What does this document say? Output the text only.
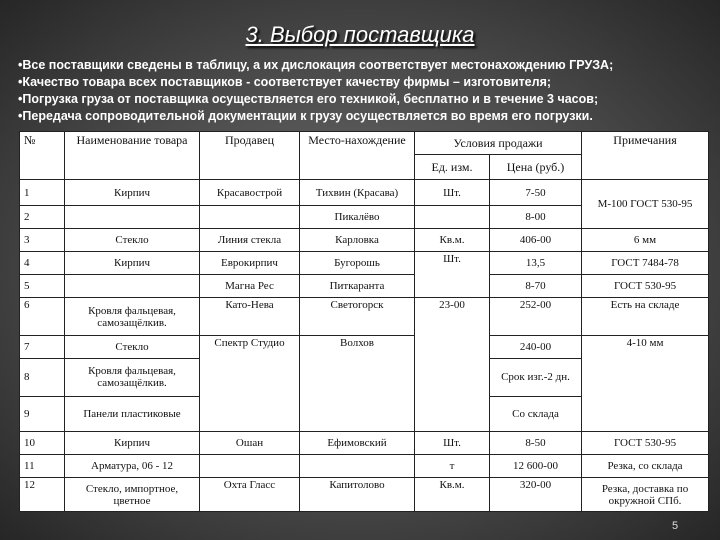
3. Выбор поставщика
• Все поставщики сведены в таблицу, а их дислокация соответствует местонахождению ГРУЗА;
• Качество товара всех поставщиков - соответствует качеству фирмы – изготовителя;
• Погрузка груза от поставщика осуществляется его техникой, бесплатно и в течение 3 часов;
• Передача сопроводительной документации к грузу осуществляется во время его погрузки.
№	Наименование товара	Продавец	Место-нахождение	Условия продажи		Примечания
				Ед. изм.	Цена (руб.)	
1	Кирпич	Красавострой	Тихвин (Красава)	Шт.	7-50	М-100 ГОСТ 530-95
2			Пикалёво		8-00	
3	Стекло	Линия стекла	Карловка	Кв.м.	406-00	6 мм
4	Кирпич	Еврокирпич	Бугорошь	Шт.	13,5	ГОСТ 7484-78
5		Магна Рес	Питкаранта		8-70	ГОСТ 530-95
6	Кровля фальцевая, самозащёлкив.	Като-Нева	Светогорск	23-00	252-00	Есть на складе
7	Стекло	Спектр Студио	Волхов		240-00	4-10 мм
8	Кровля фальцевая, самозащёлкив.				Срок изг.-2 дн.	
9	Панели пластиковые				Со склада	
10	Кирпич	Ошан	Ефимовский	Шт.	8-50	ГОСТ 530-95
11	Арматура, 06 - 12			т	12 600-00	Резка, со склада
12	Стекло, импортное, цветное	Охта Гласс	Капитолово	Кв.м.	320-00	Резка, доставка по окружной СПб.
5
